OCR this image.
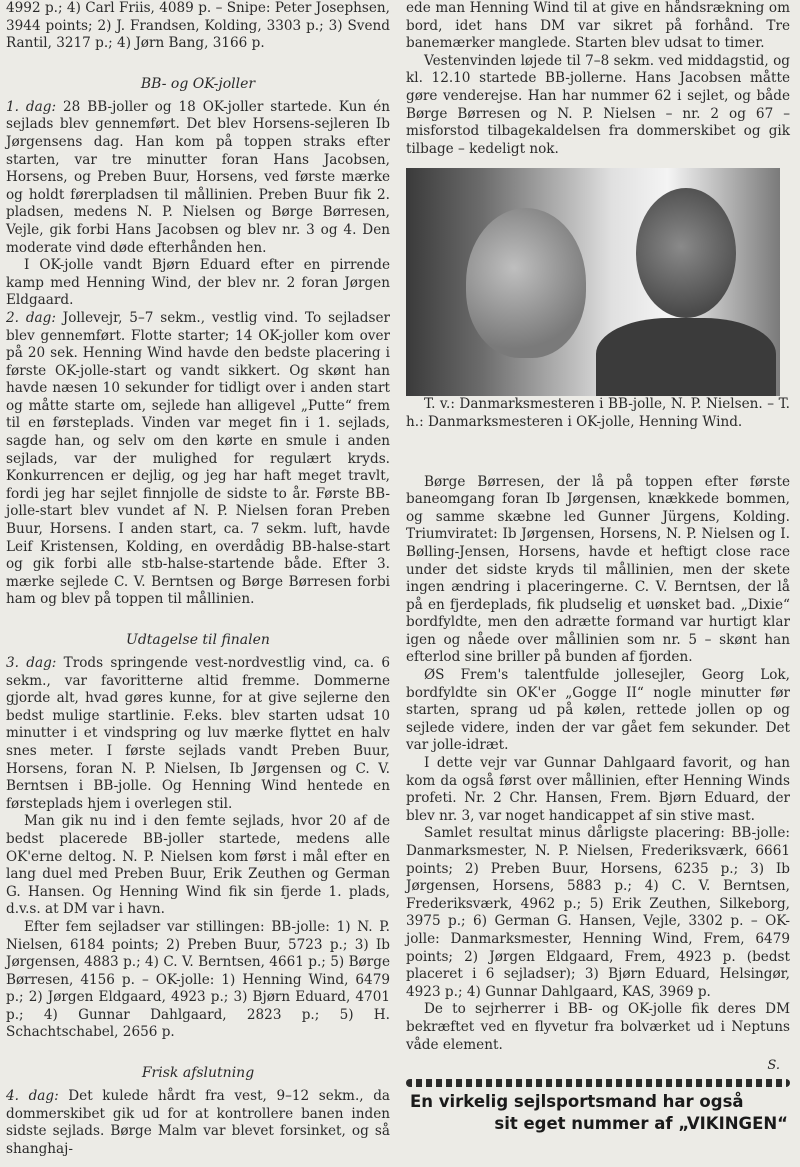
4992 p.; 4) Carl Friis, 4089 p. – Snipe: Peter Josephsen, 3944 points; 2) J. Frandsen, Kolding, 3303 p.; 3) Svend Rantil, 3217 p.; 4) Jørn Bang, 3166 p.

BB- og OK-joller

1. dag: 28 BB-joller og 18 OK-joller startede. Kun én sejlads blev gennemført. Det blev Horsens-sejleren Ib Jørgensens dag. Han kom på toppen straks efter starten, var tre minutter foran Hans Jacobsen, Horsens, og Preben Buur, Horsens, ved første mærke og holdt førerpladsen til mållinien. Preben Buur fik 2. pladsen, medens N. P. Nielsen og Børge Børresen, Vejle, gik forbi Hans Jacobsen og blev nr. 3 og 4. Den moderate vind døde efterhånden hen.

I OK-jolle vandt Bjørn Eduard efter en pirrende kamp med Henning Wind, der blev nr. 2 foran Jørgen Eldgaard.

2. dag: Jollevejr, 5–7 sekm., vestlig vind. To sejladser blev gennemført. Flotte starter; 14 OK-joller kom over på 20 sek. Henning Wind havde den bedste placering i første OK-jolle-start og vandt sikkert. Og skønt han havde næsen 10 sekunder for tidligt over i anden start og måtte starte om, sejlede han alligevel „Putte“ frem til en førsteplads. Vinden var meget fin i 1. sejlads, sagde han, og selv om den kørte en smule i anden sejlads, var der mulighed for regulært kryds. Konkurrencen er dejlig, og jeg har haft meget travlt, fordi jeg har sejlet finnjolle de sidste to år. Første BB-jolle-start blev vundet af N. P. Nielsen foran Preben Buur, Horsens. I anden start, ca. 7 sekm. luft, havde Leif Kristensen, Kolding, en overdådig BB-halse-start og gik forbi alle stb-halse-startende både. Efter 3. mærke sejlede C. V. Berntsen og Børge Børresen forbi ham og blev på toppen til mållinien.

Udtagelse til finalen

3. dag: Trods springende vest-nordvestlig vind, ca. 6 sekm., var favoritterne altid fremme. Dommerne gjorde alt, hvad gøres kunne, for at give sejlerne den bedst mulige startlinie. F.eks. blev starten udsat 10 minutter i et vindspring og luv mærke flyttet en halv snes meter. I første sejlads vandt Preben Buur, Horsens, foran N. P. Nielsen, Ib Jørgensen og C. V. Berntsen i BB-jolle. Og Henning Wind hentede en førsteplads hjem i overlegen stil.

Man gik nu ind i den femte sejlads, hvor 20 af de bedst placerede BB-joller startede, medens alle OK'erne deltog. N. P. Nielsen kom først i mål efter en lang duel med Preben Buur, Erik Zeuthen og German G. Hansen. Og Henning Wind fik sin fjerde 1. plads, d.v.s. at DM var i havn.

Efter fem sejladser var stillingen: BB-jolle: 1) N. P. Nielsen, 6184 points; 2) Preben Buur, 5723 p.; 3) Ib Jørgensen, 4883 p.; 4) C. V. Berntsen, 4661 p.; 5) Børge Børresen, 4156 p. – OK-jolle: 1) Henning Wind, 6479 p.; 2) Jørgen Eldgaard, 4923 p.; 3) Bjørn Eduard, 4701 p.; 4) Gunnar Dahlgaard, 2823 p.; 5) H. Schachtschabel, 2656 p.

Frisk afslutning

4. dag: Det kulede hårdt fra vest, 9–12 sekm., da dommerskibet gik ud for at kontrollere banen inden sidste sejlads. Børge Malm var blevet forsinket, og så shanghaj-

ede man Henning Wind til at give en håndsrækning om bord, idet hans DM var sikret på forhånd. Tre banemærker manglede. Starten blev udsat to timer.

Vestenvinden løjede til 7–8 sekm. ved middagstid, og kl. 12.10 startede BB-jollerne. Hans Jacobsen måtte gøre venderejse. Han har nummer 62 i sejlet, og både Børge Børresen og N. P. Nielsen – nr. 2 og 67 – misforstod tilbagekaldelsen fra dommerskibet og gik tilbage – kedeligt nok.

T. v.: Danmarksmesteren i BB-jolle, N. P. Nielsen. – T. h.: Danmarksmesteren i OK-jolle, Henning Wind.

Børge Børresen, der lå på toppen efter første baneomgang foran Ib Jørgensen, knækkede bommen, og samme skæbne led Gunner Jürgens, Kolding. Triumviratet: Ib Jørgensen, Horsens, N. P. Nielsen og I. Bølling-Jensen, Horsens, havde et heftigt close race under det sidste kryds til mållinien, men der skete ingen ændring i placeringerne. C. V. Berntsen, der lå på en fjerdeplads, fik pludselig et uønsket bad. „Dixie“ bordfyldte, men den adrætte formand var hurtigt klar igen og nåede over mållinien som nr. 5 – skønt han efterlod sine briller på bunden af fjorden.

ØS Frem's talentfulde jollesejler, Georg Lok, bordfyldte sin OK'er „Gogge II“ nogle minutter før starten, sprang ud på kølen, rettede jollen op og sejlede videre, inden der var gået fem sekunder. Det var jolle-idræt.

I dette vejr var Gunnar Dahlgaard favorit, og han kom da også først over mållinien, efter Henning Winds profeti. Nr. 2 Chr. Hansen, Frem. Bjørn Eduard, der blev nr. 3, var noget handicappet af sin stive mast.

Samlet resultat minus dårligste placering: BB-jolle: Danmarksmester, N. P. Nielsen, Frederiksværk, 6661 points; 2) Preben Buur, Horsens, 6235 p.; 3) Ib Jørgensen, Horsens, 5883 p.; 4) C. V. Berntsen, Frederiksværk, 4962 p.; 5) Erik Zeuthen, Silkeborg, 3975 p.; 6) German G. Hansen, Vejle, 3302 p. – OK-jolle: Danmarksmester, Henning Wind, Frem, 6479 points; 2) Jørgen Eldgaard, Frem, 4923 p. (bedst placeret i 6 sejladser); 3) Bjørn Eduard, Helsingør, 4923 p.; 4) Gunnar Dahlgaard, KAS, 3969 p.

De to sejrherrer i BB- og OK-jolle fik deres DM bekræftet ved en flyvetur fra bolværket ud i Neptuns våde element.

S.
En virkelig sejlsportsmand har også
sit eget nummer af „VIKINGEN“
